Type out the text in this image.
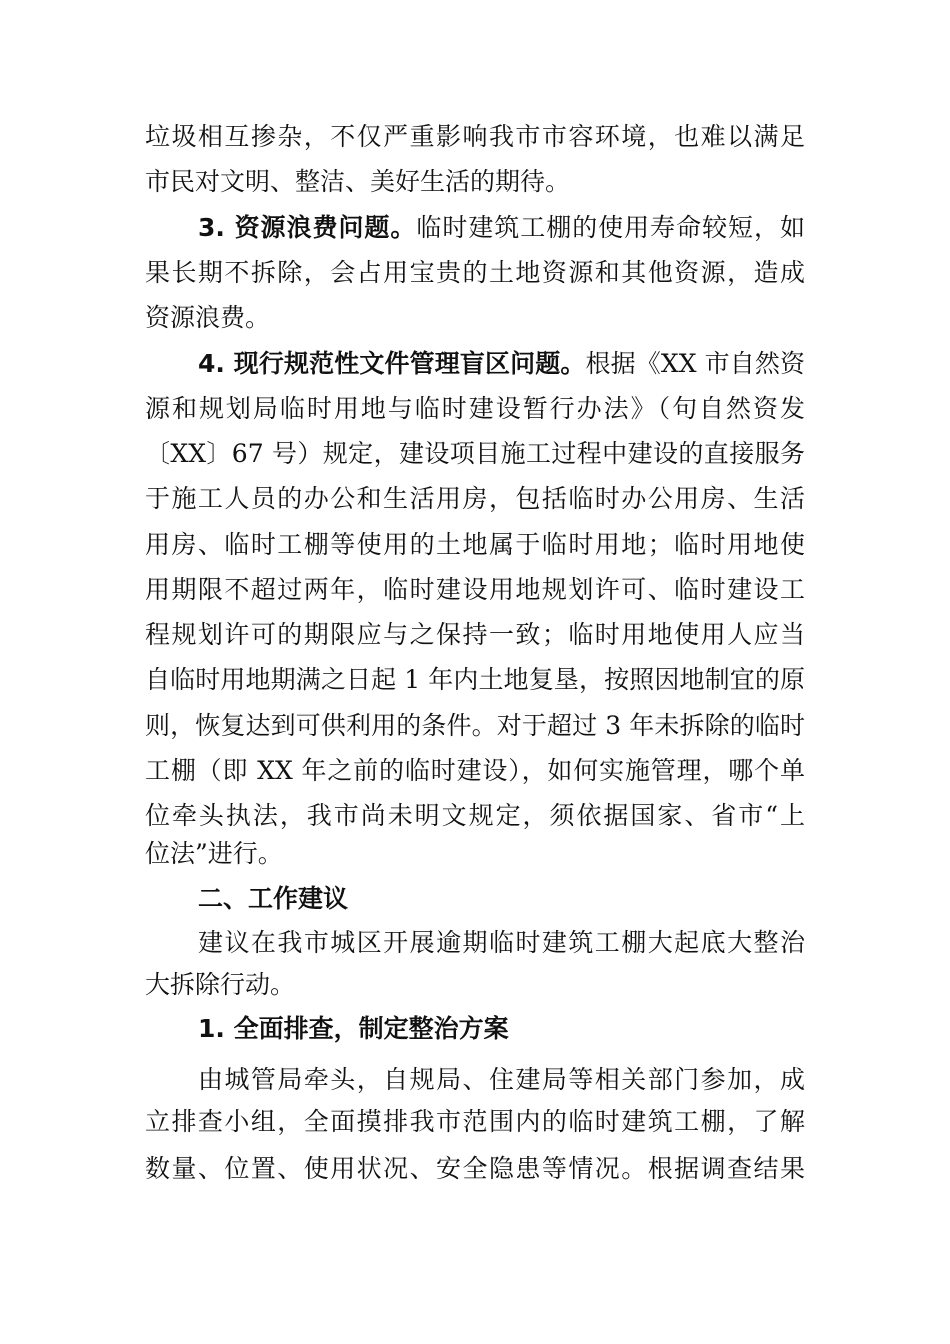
垃圾相互掺杂，不仅严重影响我市市容环境，也难以满足
市民对文明、整洁、美好生活的期待。
3. 资源浪费问题。临时建筑工棚的使用寿命较短，如
果长期不拆除，会占用宝贵的土地资源和其他资源，造成
资源浪费。
4. 现行规范性文件管理盲区问题。根据《XX 市自然资
源和规划局临时用地与临时建设暂行办法》（句自然资发
〔XX〕67 号）规定，建设项目施工过程中建设的直接服务
于施工人员的办公和生活用房，包括临时办公用房、生活
用房、临时工棚等使用的土地属于临时用地；临时用地使
用期限不超过两年，临时建设用地规划许可、临时建设工
程规划许可的期限应与之保持一致；临时用地使用人应当
自临时用地期满之日起 1 年内土地复垦，按照因地制宜的原
则，恢复达到可供利用的条件。对于超过 3 年未拆除的临时
工棚（即 XX 年之前的临时建设），如何实施管理，哪个单
位牵头执法，我市尚未明文规定，须依据国家、省市“上
位法”进行。
二、工作建议
建议在我市城区开展逾期临时建筑工棚大起底大整治
大拆除行动。
1. 全面排查，制定整治方案
由城管局牵头，自规局、住建局等相关部门参加，成
立排查小组，全面摸排我市范围内的临时建筑工棚，了解
数量、位置、使用状况、安全隐患等情况。根据调查结果
